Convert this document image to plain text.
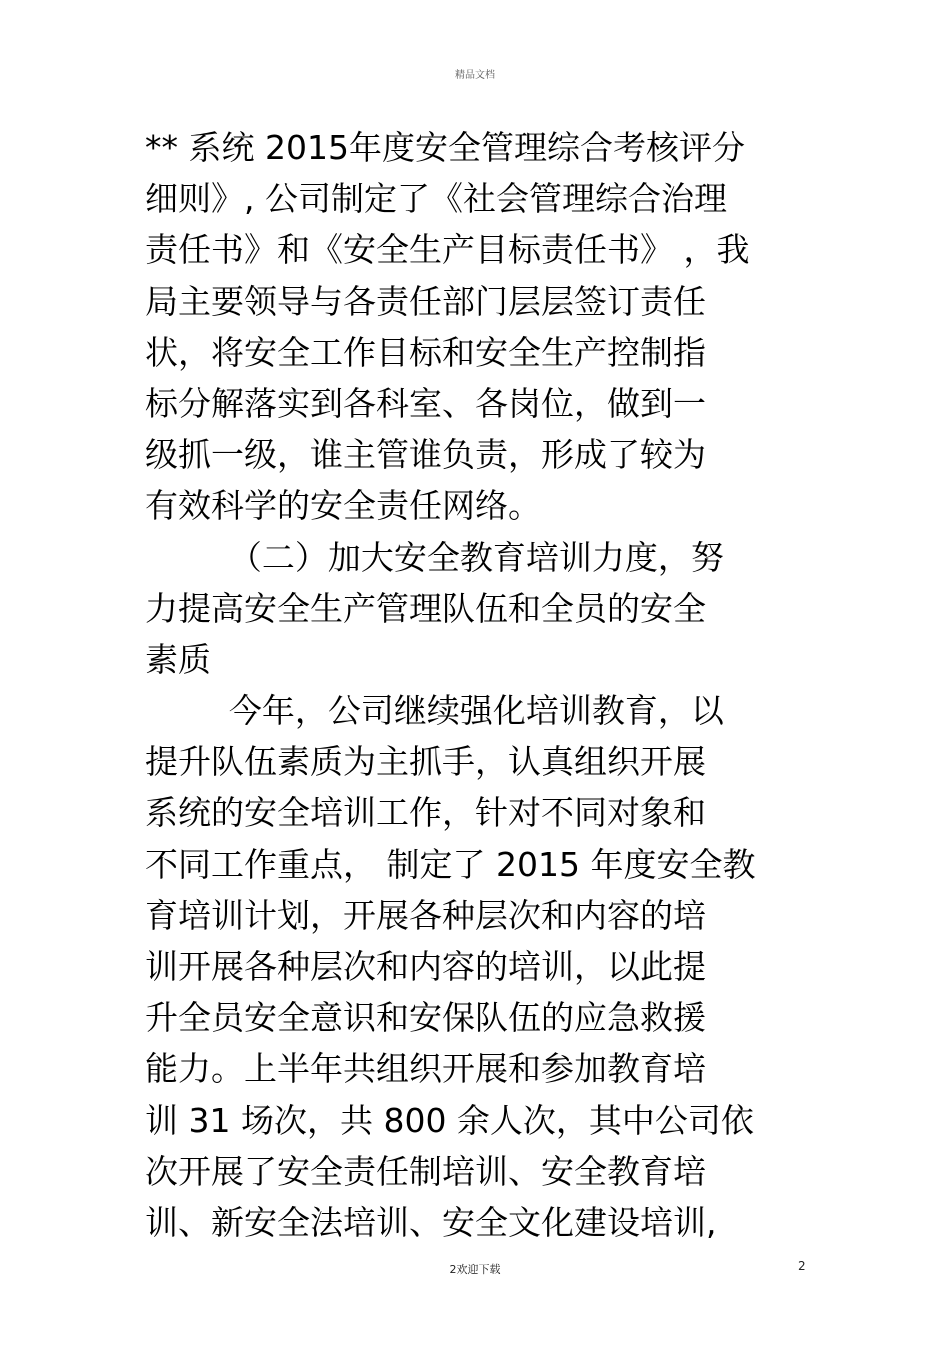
精品文档
** 系统 2015年度安全管理综合考核评分
细则》, 公司制定了《社会管理综合治理
责任书》和《安全生产目标责任书》 ，我
局主要领导与各责任部门层层签订责任
状，将安全工作目标和安全生产控制指
标分解落实到各科室、各岗位，做到一
级抓一级，谁主管谁负责，形成了较为
有效科学的安全责任网络。
（二）加大安全教育培训力度，努
力提高安全生产管理队伍和全员的安全
素质
今年，公司继续强化培训教育，以
提升队伍素质为主抓手，认真组织开展
系统的安全培训工作，针对不同对象和
不同工作重点， 制定了 2015 年度安全教
育培训计划，开展各种层次和内容的培
训开展各种层次和内容的培训，以此提
升全员安全意识和安保队伍的应急救援
能力。上半年共组织开展和参加教育培
训 31 场次，共 800 余人次，其中公司依
次开展了安全责任制培训、安全教育培
训、新安全法培训、安全文化建设培训,
2欢迎下载	2
